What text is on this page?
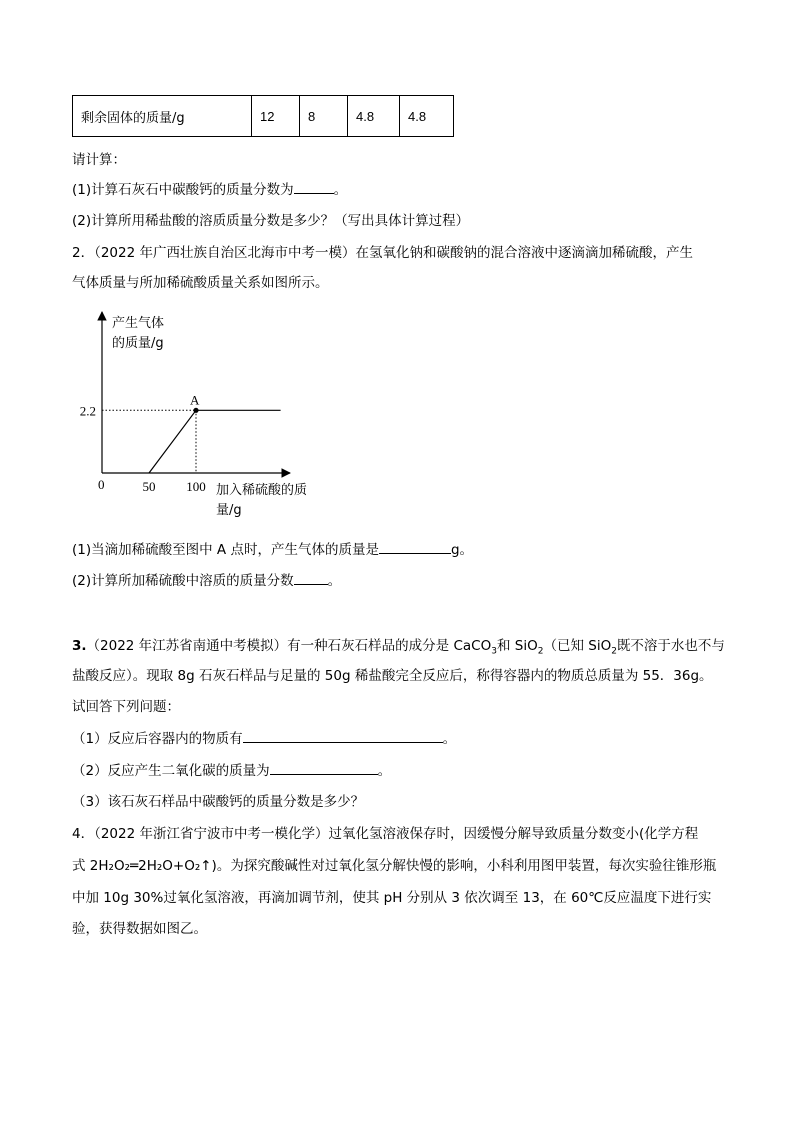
剩余固体的质量/g	12	8	4.8	4.8
请计算：
(1)计算石灰石中碳酸钙的质量分数为	。
(2)计算所用稀盐酸的溶质质量分数是多少？（写出具体计算过程）
2．（2022 年广西壮族自治区北海市中考一模）在氢氧化钠和碳酸钠的混合溶液中逐滴滴加稀硫酸，产生
气体质量与所加稀硫酸质量关系如图所示。
A
50 100
2.2
产生气体
的质量/g
加入稀硫酸的质
量/g
0
(1)当滴加稀硫酸至图中 A 点时，产生气体的质量是	g。
(2)计算所加稀硫酸中溶质的质量分数	。
3.（2022 年江苏省南通中考模拟）有一种石灰石样品的成分是 CaCO$_3$和 SiO$_2$（已知 SiO$_2$既不溶于水也不与
盐酸反应）。现取 8g 石灰石样品与足量的 50g 稀盐酸完全反应后，称得容器内的物质总质量为 55．36g。
试回答下列问题：
（1）反应后容器内的物质有	。
（2）反应产生二氧化碳的质量为	。
（3）该石灰石样品中碳酸钙的质量分数是多少？
4．（2022 年浙江省宁波市中考一模化学）过氧化氢溶液保存时，因缓慢分解导致质量分数变小(化学方程
式 2H₂O₂═2H₂O+O₂↑)。为探究酸碱性对过氧化氢分解快慢的影响，小科利用图甲装置，每次实验往锥形瓶
中加 10g 30%过氧化氢溶液，再滴加调节剂，使其 pH 分别从 3 依次调至 13，在 60℃反应温度下进行实
验，获得数据如图乙。
